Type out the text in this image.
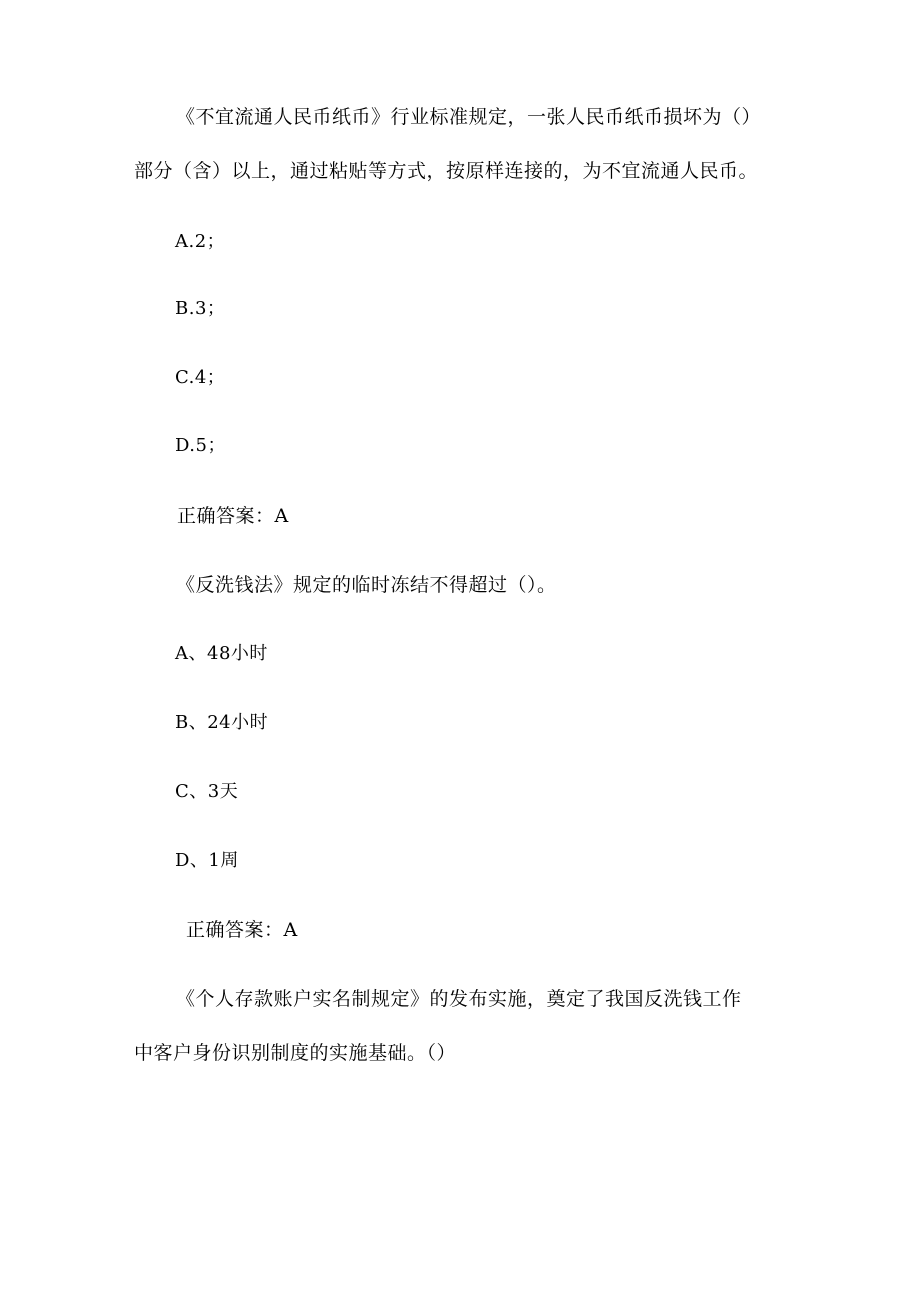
《不宜流通人民币纸币》行业标准规定，一张人民币纸币损坏为（）
部分（含）以上，通过粘贴等方式，按原样连接的，为不宜流通人民币。
A.2；
B.3；
C.4；
D.5；
正确答案：A
《反洗钱法》规定的临时冻结不得超过（）。
A、48小时
B、24小时
C、3天
D、1周
正确答案：A
《个人存款账户实名制规定》的发布实施，奠定了我国反洗钱工作
中客户身份识别制度的实施基础。（）
